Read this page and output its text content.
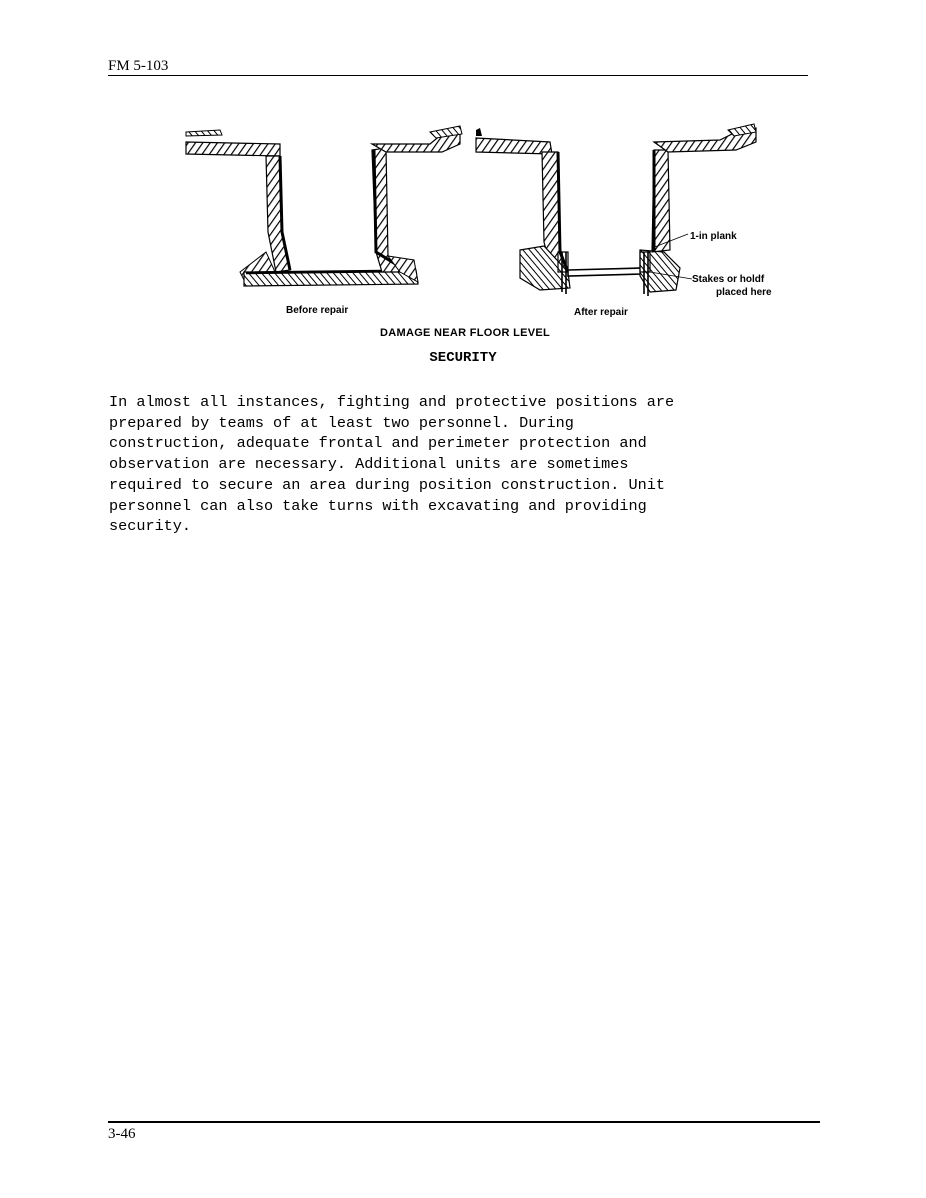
FM 5-103
Before repair	After repair
1-in plank
Stakes or holdf
placed here
DAMAGE NEAR FLOOR LEVEL
SECURITY
In almost all instances, fighting and protective positions are
prepared by teams of at least two personnel. During
construction, adequate frontal and perimeter protection and
observation are necessary. Additional units are sometimes
required to secure an area during position construction. Unit
personnel can also take turns with excavating and providing
security.
3-46
